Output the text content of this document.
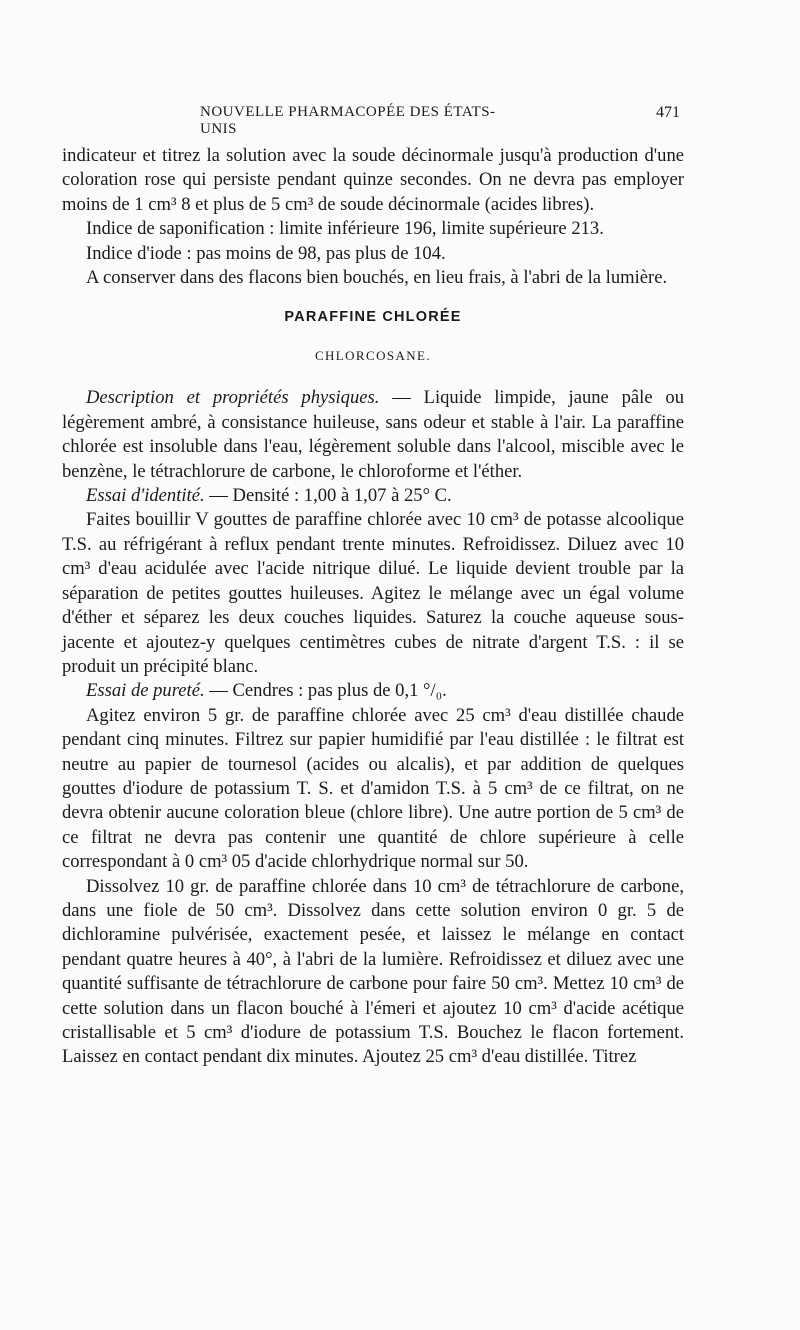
NOUVELLE PHARMACOPÉE DES ÉTATS-UNIS
471

indicateur et titrez la solution avec la soude décinormale jusqu'à production d'une coloration rose qui persiste pendant quinze secondes. On ne devra pas employer moins de 1 cm³ 8 et plus de 5 cm³ de soude décinormale (acides libres).

Indice de saponification : limite inférieure 196, limite supérieure 213.

Indice d'iode : pas moins de 98, pas plus de 104.

A conserver dans des flacons bien bouchés, en lieu frais, à l'abri de la lumière.

PARAFFINE CHLORÉE
CHLORCOSANE.

Description et propriétés physiques. — Liquide limpide, jaune pâle ou légèrement ambré, à consistance huileuse, sans odeur et stable à l'air. La paraffine chlorée est insoluble dans l'eau, légèrement soluble dans l'alcool, miscible avec le benzène, le tétrachlorure de carbone, le chloroforme et l'éther.

Essai d'identité. — Densité : 1,00 à 1,07 à 25° C.

Faites bouillir V gouttes de paraffine chlorée avec 10 cm³ de potasse alcoolique T.S. au réfrigérant à reflux pendant trente minutes. Refroidissez. Diluez avec 10 cm³ d'eau acidulée avec l'acide nitrique dilué. Le liquide devient trouble par la séparation de petites gouttes huileuses. Agitez le mélange avec un égal volume d'éther et séparez les deux couches liquides. Saturez la couche aqueuse sous-jacente et ajoutez-y quelques centimètres cubes de nitrate d'argent T.S. : il se produit un précipité blanc.

Essai de pureté. — Cendres : pas plus de 0,1 °/₀.

Agitez environ 5 gr. de paraffine chlorée avec 25 cm³ d'eau distillée chaude pendant cinq minutes. Filtrez sur papier humidifié par l'eau distillée : le filtrat est neutre au papier de tournesol (acides ou alcalis), et par addition de quelques gouttes d'iodure de potassium T. S. et d'amidon T.S. à 5 cm³ de ce filtrat, on ne devra obtenir aucune coloration bleue (chlore libre). Une autre portion de 5 cm³ de ce filtrat ne devra pas contenir une quantité de chlore supérieure à celle correspondant à 0 cm³ 05 d'acide chlorhydrique normal sur 50.

Dissolvez 10 gr. de paraffine chlorée dans 10 cm³ de tétrachlorure de carbone, dans une fiole de 50 cm³. Dissolvez dans cette solution environ 0 gr. 5 de dichloramine pulvérisée, exactement pesée, et laissez le mélange en contact pendant quatre heures à 40°, à l'abri de la lumière. Refroidissez et diluez avec une quantité suffisante de tétrachlorure de carbone pour faire 50 cm³. Mettez 10 cm³ de cette solution dans un flacon bouché à l'émeri et ajoutez 10 cm³ d'acide acétique cristallisable et 5 cm³ d'iodure de potassium T.S. Bouchez le flacon fortement. Laissez en contact pendant dix minutes. Ajoutez 25 cm³ d'eau distillée. Titrez
